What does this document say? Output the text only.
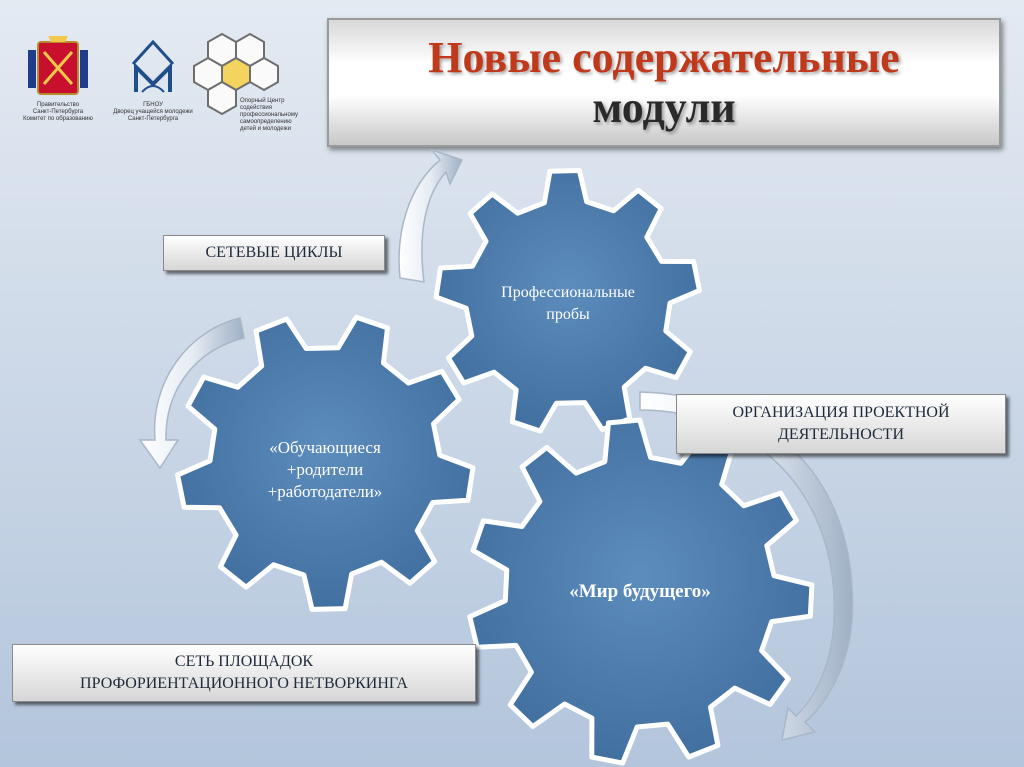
Правительство
Санкт-Петербурга
Комитет по образованию
ГБНОУ
Дворец учащейся молодежи
Санкт-Петербурга
Опорный Центр содействия
профессиональному
самоопределению
детей и молодежи
Новые содержательные
модули
Профессиональные
пробы
«Обучающиеся
+родители
+работодатели»
«Мир будущего»
СЕТЕВЫЕ ЦИКЛЫ
ОРГАНИЗАЦИЯ ПРОЕКТНОЙ
ДЕЯТЕЛЬНОСТИ
СЕТЬ ПЛОЩАДОК
ПРОФОРИЕНТАЦИОННОГО НЕТВОРКИНГА
